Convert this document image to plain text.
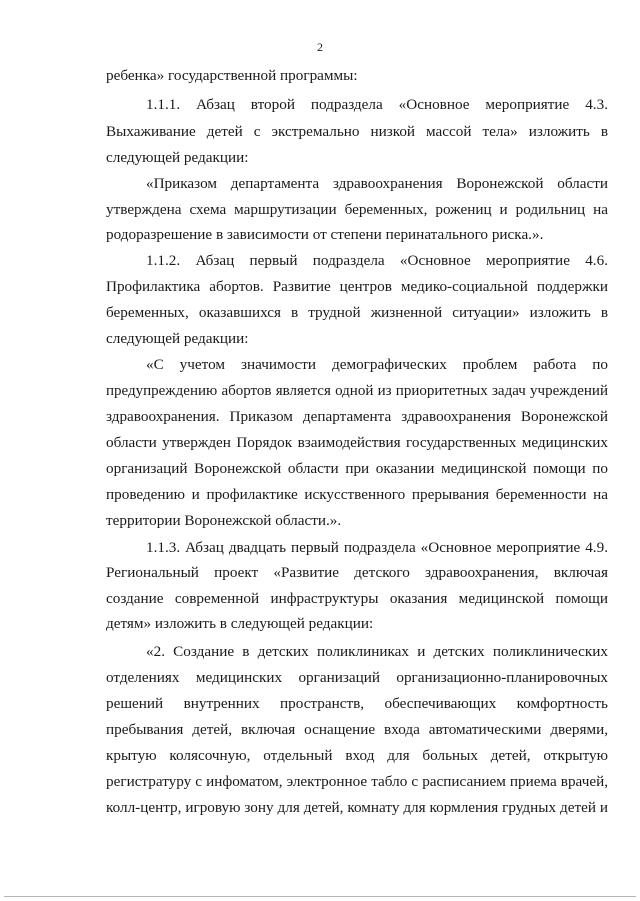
2
ребенка» государственной программы:
1.1.1. Абзац второй подраздела «Основное мероприятие 4.3.
Выхаживание детей с экстремально низкой массой тела» изложить в
следующей редакции:
«Приказом департамента здравоохранения Воронежской области
утверждена схема маршрутизации беременных, рожениц и родильниц на
родоразрешение в зависимости от степени перинатального риска.».
1.1.2. Абзац первый подраздела «Основное мероприятие 4.6.
Профилактика абортов. Развитие центров медико-социальной поддержки
беременных, оказавшихся в трудной жизненной ситуации» изложить в
следующей редакции:
«С учетом значимости демографических проблем работа по
предупреждению абортов является одной из приоритетных задач учреждений
здравоохранения. Приказом департамента здравоохранения Воронежской
области утвержден Порядок взаимодействия государственных медицинских
организаций Воронежской области при оказании медицинской помощи по
проведению и профилактике искусственного прерывания беременности на
территории Воронежской области.».
1.1.3. Абзац двадцать первый подраздела «Основное мероприятие 4.9.
Региональный проект «Развитие детского здравоохранения, включая
создание современной инфраструктуры оказания медицинской помощи
детям» изложить в следующей редакции:
«2. Создание в детских поликлиниках и детских поликлинических
отделениях медицинских организаций организационно-планировочных
решений внутренних пространств, обеспечивающих комфортность
пребывания детей, включая оснащение входа автоматическими дверями,
крытую колясочную, отдельный вход для больных детей, открытую
регистратуру с инфоматом, электронное табло с расписанием приема врачей,
колл-центр, игровую зону для детей, комнату для кормления грудных детей и
